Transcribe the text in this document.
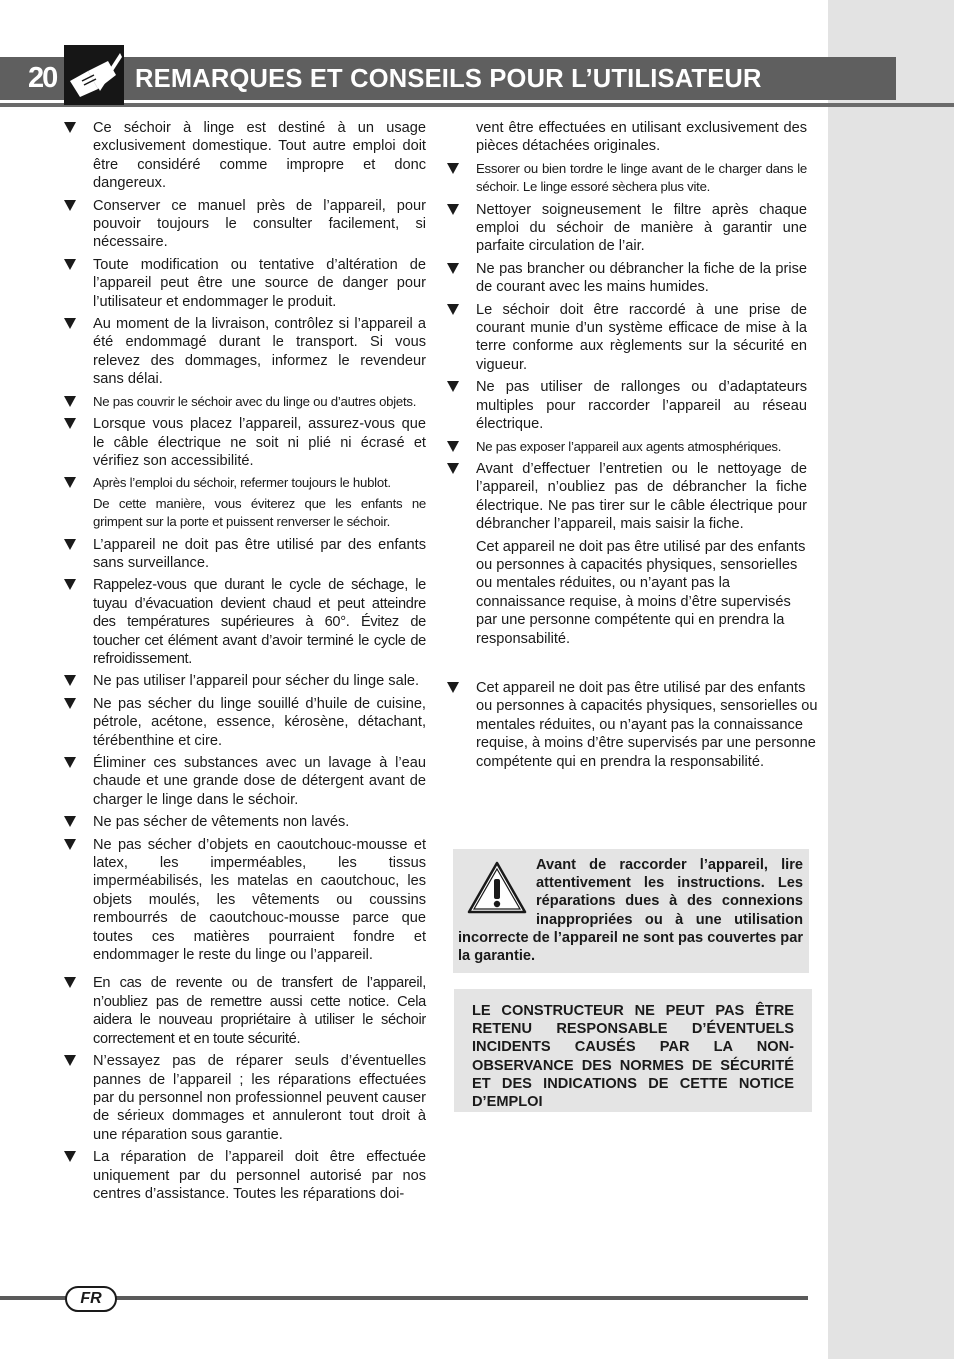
20	REMARQUES ET CONSEILS POUR L’UTILISATEUR
Ce séchoir à linge est destiné à un usage exclusivement domestique. Tout autre emploi doit être considéré comme impropre et donc dangereux.
Conserver ce manuel près de l’appareil, pour pouvoir toujours le consulter facilement, si nécessaire.
Toute modification ou tentative d’altération de l’appareil peut être une source de danger pour l’utilisateur et endommager le produit.
Au moment de la livraison, contrôlez si l’appareil a été endommagé durant le transport. Si vous relevez des dommages, informez le revendeur sans délai.
Ne pas couvrir le séchoir avec du linge ou d’autres objets.
Lorsque vous placez l’appareil, assurez-vous que le câble électrique ne soit ni plié ni écrasé et vérifiez son accessibilité.
Après l’emploi du séchoir, refermer toujours le hublot.

De cette manière, vous éviterez que les enfants ne grimpent sur la porte et puissent renverser le séchoir.

L’appareil ne doit pas être utilisé par des enfants sans surveillance.
Rappelez-vous que durant le cycle de séchage, le tuyau d’évacuation devient chaud et peut atteindre des températures supérieures à 60°. Évitez de toucher cet élément avant d’avoir terminé le cycle de refroidissement.
Ne pas utiliser l’appareil pour sécher du linge sale.
Ne pas sécher du linge souillé d’huile de cuisine, pétrole, acétone, essence, kérosène, détachant, térébenthine et cire.
Éliminer ces substances avec un lavage à l’eau chaude et une grande dose de détergent avant de charger le linge dans le séchoir.
Ne pas sécher de vêtements non lavés.
Ne pas sécher d’objets en caoutchouc-mousse et latex, les imperméables, les tissus imperméabilisés, les matelas en caoutchouc, les objets moulés, les vêtements ou coussins rembourrés de caoutchouc-mousse parce que toutes ces matières pourraient fondre et endommager le reste du linge ou l’appareil.
En cas de revente ou de transfert de l’appareil, n’oubliez pas de remettre aussi cette notice. Cela aidera le nouveau propriétaire à utiliser le séchoir correctement et en toute sécurité.
N’essayez pas de réparer seuls d’éventuelles pannes de l’appareil ; les réparations effectuées par du personnel non professionnel peuvent causer de sérieux dommages et annuleront tout droit à une réparation sous garantie.
La réparation de l’appareil doit être effectuée uniquement par du personnel autorisé par nos centres d’assistance. Toutes les réparations doi-

vent être effectuées en utilisant exclusivement des pièces détachées originales.

Essorer ou bien tordre le linge avant de le charger dans le séchoir. Le linge essoré sèchera plus vite.
Nettoyer soigneusement le filtre après chaque emploi du séchoir de manière à garantir une parfaite circulation de l’air.
Ne pas brancher ou débrancher la fiche de la prise de courant avec les mains humides.
Le séchoir doit être raccordé à une prise de courant munie d’un système efficace de mise à la terre conforme aux règlements sur la sécurité en vigueur.
Ne pas utiliser de rallonges ou d’adaptateurs multiples pour raccorder l’appareil au réseau électrique.
Ne pas exposer l’appareil aux agents atmosphériques.
Avant d’effectuer l’entretien ou le nettoyage de l’appareil, n’oubliez pas de débrancher la fiche électrique. Ne pas tirer sur le câble électrique pour débrancher l’appareil, mais saisir la fiche.

Cet appareil ne doit pas être utilisé par des enfants ou personnes à capacités physiques, sensorielles ou mentales réduites, ou n’ayant pas la connaissance requise, à moins d’être supervisés par une personne compétente qui en prendra la responsabilité.

Cet appareil ne doit pas être utilisé par des enfants ou personnes à capacités physiques, sensorielles ou mentales réduites, ou n’ayant pas la connaissance requise, à moins d’être supervisés par une personne compétente qui en prendra la responsabilité.
Avant de raccorder l’appareil, lire attentivement les instructions. Les réparations dues à des connexions inappropriées ou à une utilisation incorrecte de l’appareil ne sont pas couvertes par la garantie.
LE CONSTRUCTEUR NE PEUT PAS ÊTRE RETENU RESPONSABLE D’ÉVENTUELS INCIDENTS CAUSÉS PAR LA NON-OBSERVANCE DES NORMES DE SÉCURITÉ ET DES INDICATIONS DE CETTE NOTICE D’EMPLOI
FR
